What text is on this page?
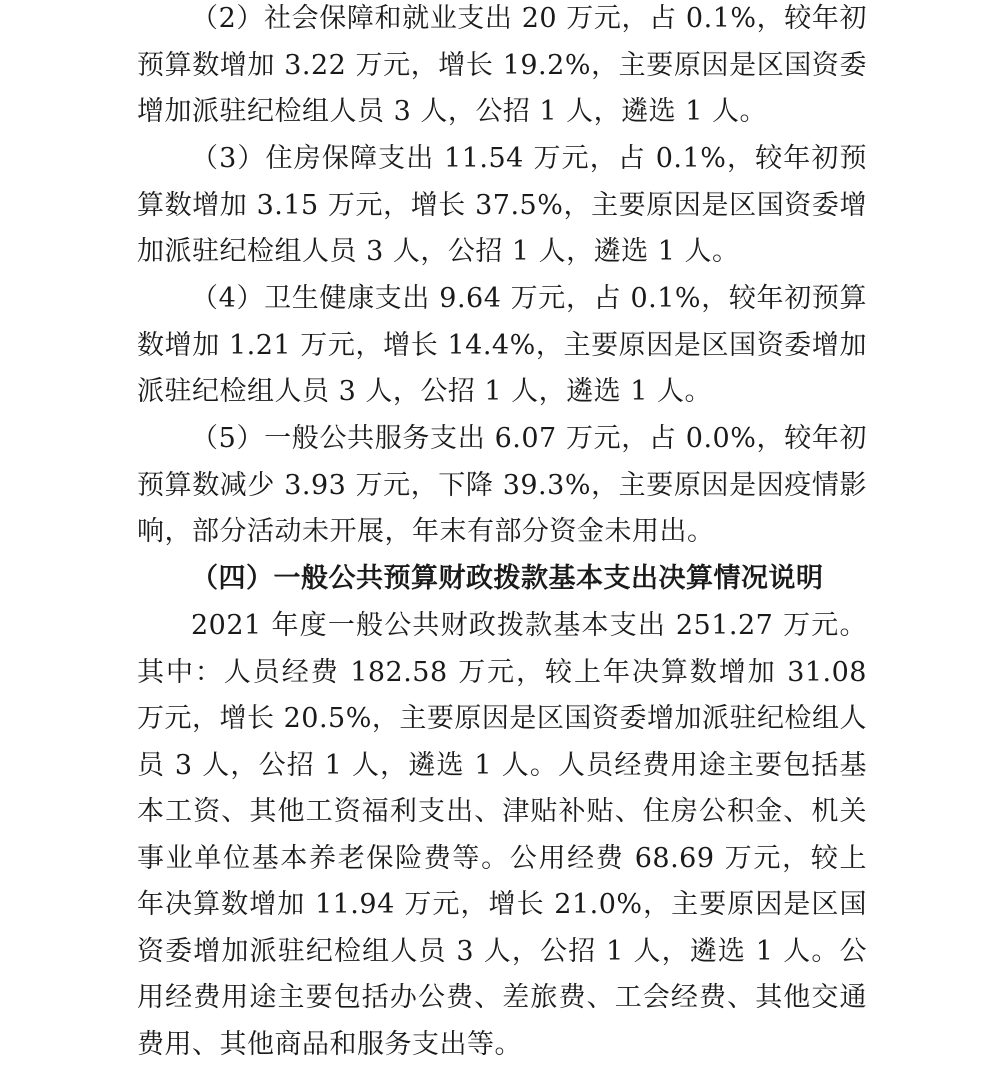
（2）社会保障和就业支出 20 万元，占 0.1%，较年初预算数增加 3.22 万元，增长 19.2%，主要原因是区国资委增加派驻纪检组人员 3 人，公招 1 人，遴选 1 人。

（3）住房保障支出 11.54 万元，占 0.1%，较年初预算数增加 3.15 万元，增长 37.5%，主要原因是区国资委增加派驻纪检组人员 3 人，公招 1 人，遴选 1 人。

（4）卫生健康支出 9.64 万元，占 0.1%，较年初预算数增加 1.21 万元，增长 14.4%，主要原因是区国资委增加派驻纪检组人员 3 人，公招 1 人，遴选 1 人。

（5）一般公共服务支出 6.07 万元，占 0.0%，较年初预算数减少 3.93 万元，下降 39.3%，主要原因是因疫情影响，部分活动未开展，年末有部分资金未用出。

（四）一般公共预算财政拨款基本支出决算情况说明

2021 年度一般公共财政拨款基本支出 251.27 万元。其中：人员经费 182.58 万元，较上年决算数增加 31.08 万元，增长 20.5%，主要原因是区国资委增加派驻纪检组人员 3 人，公招 1 人，遴选 1 人。人员经费用途主要包括基本工资、其他工资福利支出、津贴补贴、住房公积金、机关事业单位基本养老保险费等。公用经费 68.69 万元，较上年决算数增加 11.94 万元，增长 21.0%，主要原因是区国资委增加派驻纪检组人员 3 人，公招 1 人，遴选 1 人。公用经费用途主要包括办公费、差旅费、工会经费、其他交通费用、其他商品和服务支出等。
